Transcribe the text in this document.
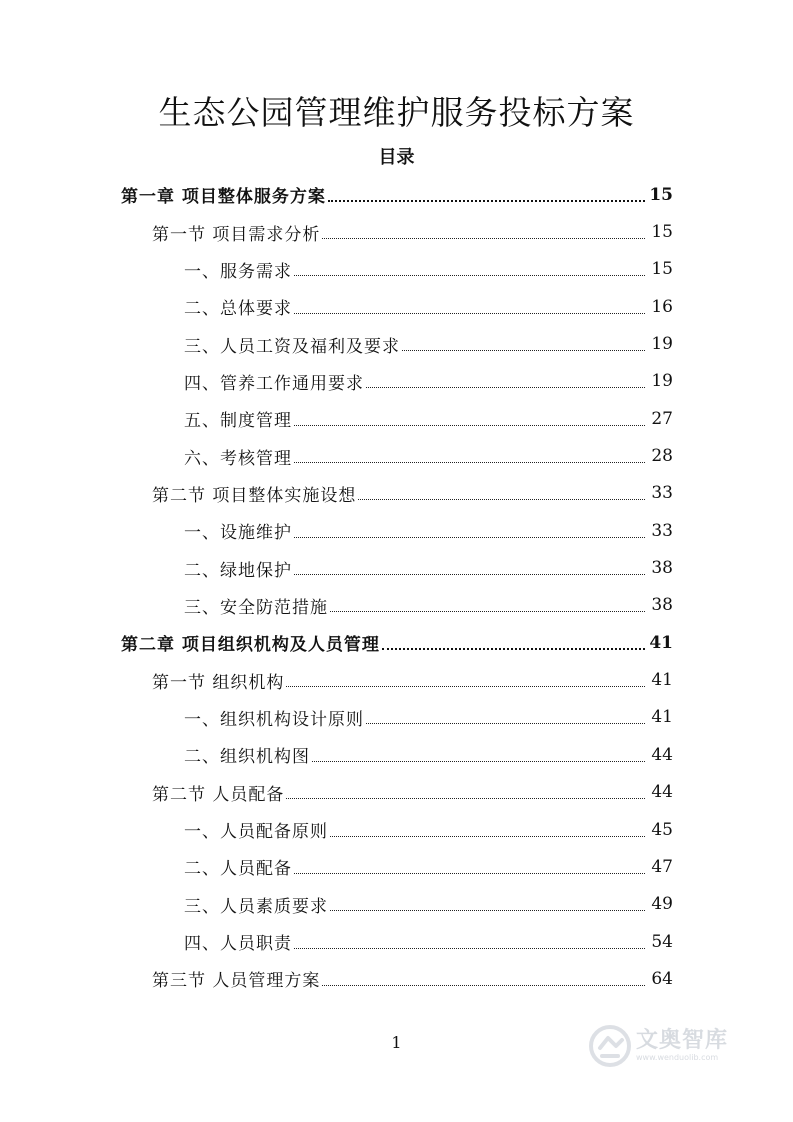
生态公园管理维护服务投标方案
目录
第一章 项目整体服务方案	15
第一节 项目需求分析	15
一、服务需求	15
二、总体要求	16
三、人员工资及福利及要求	19
四、管养工作通用要求	19
五、制度管理	27
六、考核管理	28
第二节 项目整体实施设想	33
一、设施维护	33
二、绿地保护	38
三、安全防范措施	38
第二章 项目组织机构及人员管理	41
第一节 组织机构	41
一、组织机构设计原则	41
二、组织机构图	44
第二节 人员配备	44
一、人员配备原则	45
二、人员配备	47
三、人员素质要求	49
四、人员职责	54
第三节 人员管理方案	64
1	文奥智库
www.wenduolib.com
